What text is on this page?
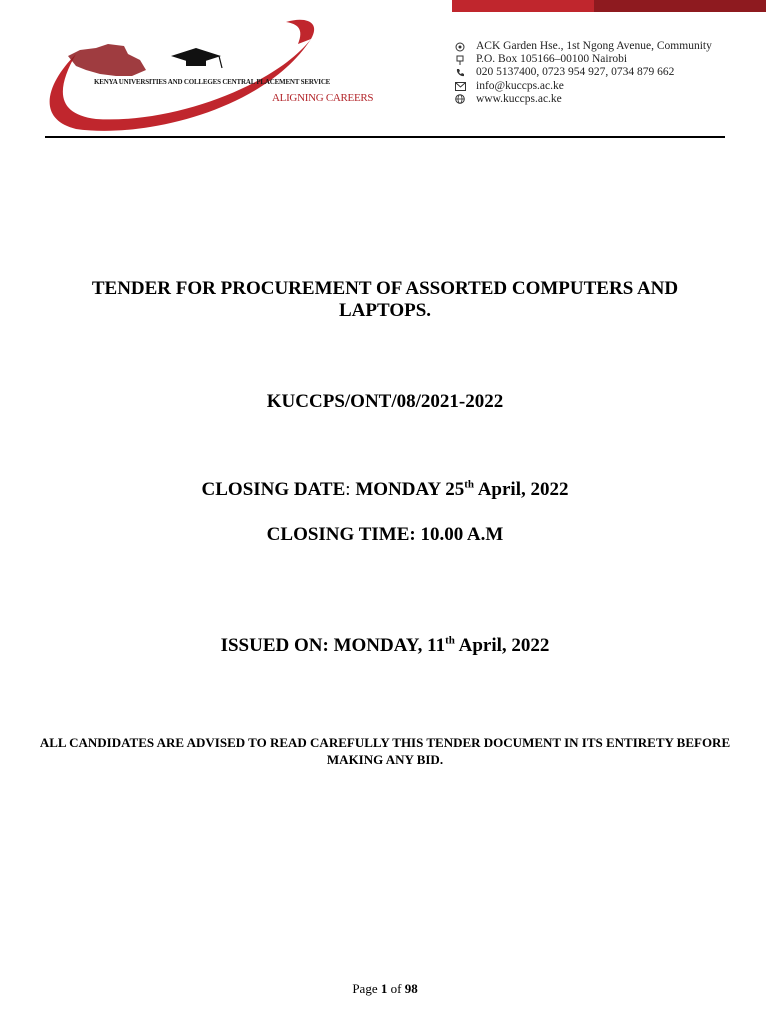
KENYA UNIVERSITIES AND COLLEGES CENTRAL PLACEMENT SERVICE
ALIGNING CAREERS
ACK Garden Hse., 1st Ngong Avenue, Community
P.O. Box 105166–00100 Nairobi
020 5137400, 0723 954 927, 0734 879 662
info@kuccps.ac.ke
www.kuccps.ac.ke
TENDER FOR PROCUREMENT OF ASSORTED COMPUTERS AND LAPTOPS.
KUCCPS/ONT/08/2021-2022
CLOSING DATE: MONDAY 25th April, 2022
CLOSING TIME: 10.00 A.M
ISSUED ON: MONDAY, 11th April, 2022
ALL CANDIDATES ARE ADVISED TO READ CAREFULLY THIS TENDER DOCUMENT IN ITS ENTIRETY BEFORE MAKING ANY BID.
Page 1 of 98
